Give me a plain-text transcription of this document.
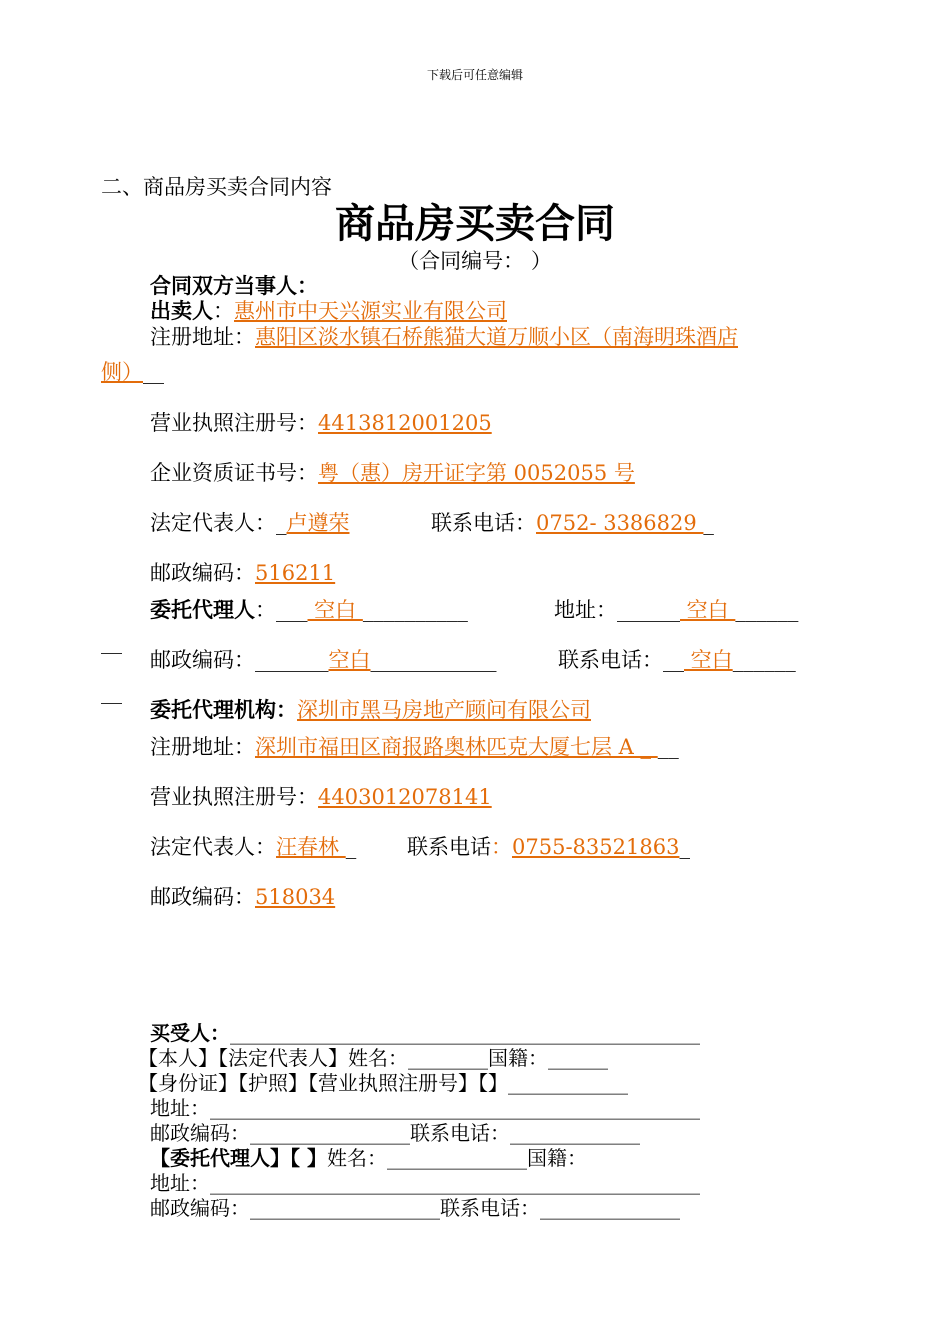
下载后可任意编辑
二、商品房买卖合同内容
商品房买卖合同
（合同编号： ）
合同双方当事人：
出卖人：惠州市中天兴源实业有限公司
注册地址：惠阳区淡水镇石桥熊猫大道万顺小区（南海明珠酒店
侧）__
营业执照注册号：4413812001205
企业资质证书号：粤（惠）房开证字第 0052055 号
法定代表人：_卢遵荣	联系电话：0752- 3386829 _
邮政编码：516211
委托代理人：___ 空白 __________	地址：______ 空白 ______
__
邮政编码：_______空白____________	联系电话：__ 空白______
__
委托代理机构：深圳市黑马房地产顾问有限公司
注册地址：深圳市福田区商报路奥林匹克大厦七层 A _ __
营业执照注册号：4403012078141
法定代表人：汪春林 _ 联系电话：0755-83521863_
邮政编码：518034
买受人：_______________________________________________
【本人】【法定代表人】姓名：________国籍：______
【身份证】【护照】【营业执照注册号】【】____________
地址：_________________________________________________
邮政编码：________________联系电话：_____________
【委托代理人】【 】姓名：______________国籍：
地址：_________________________________________________
邮政编码：___________________联系电话：______________
